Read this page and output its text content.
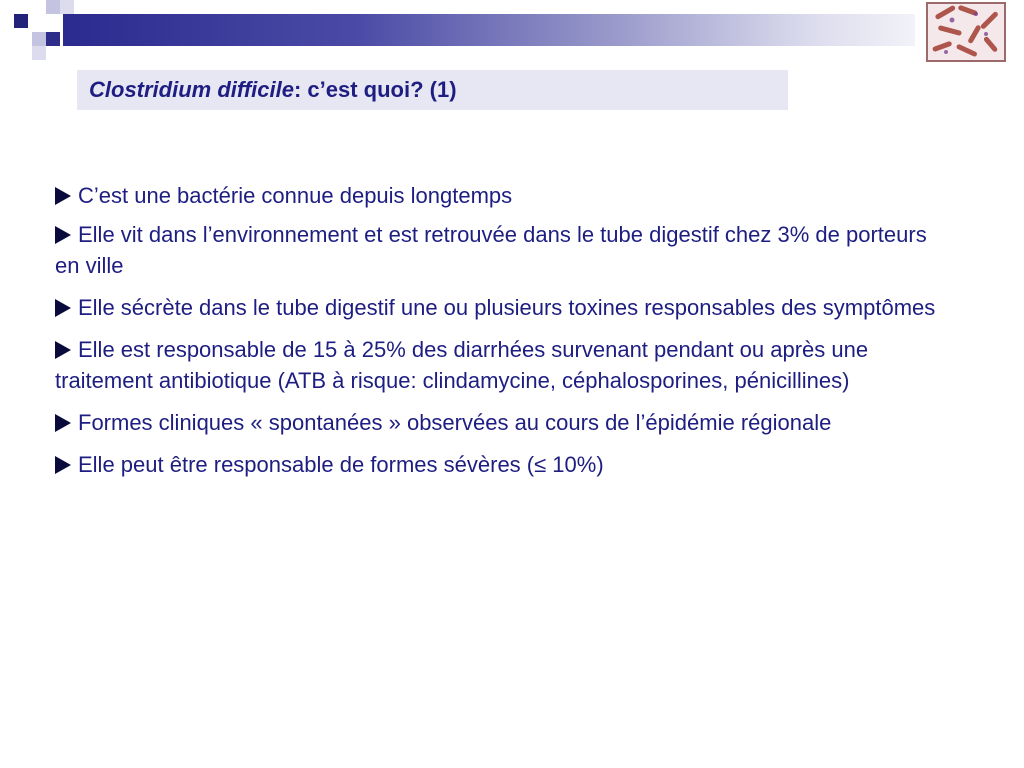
Clostridium difficile: c’est quoi? (1)
C’est une bactérie connue depuis longtemps
Elle vit dans l’environnement et est retrouvée dans le tube digestif chez 3% de porteurs en ville
Elle sécrète dans le tube digestif une ou plusieurs toxines responsables des symptômes
Elle est responsable de 15 à 25% des diarrhées survenant pendant ou après une traitement antibiotique (ATB à risque: clindamycine, céphalosporines, pénicillines)
Formes cliniques « spontanées » observées au cours de l’épidémie régionale
Elle peut être responsable de formes sévères (≤ 10%)
